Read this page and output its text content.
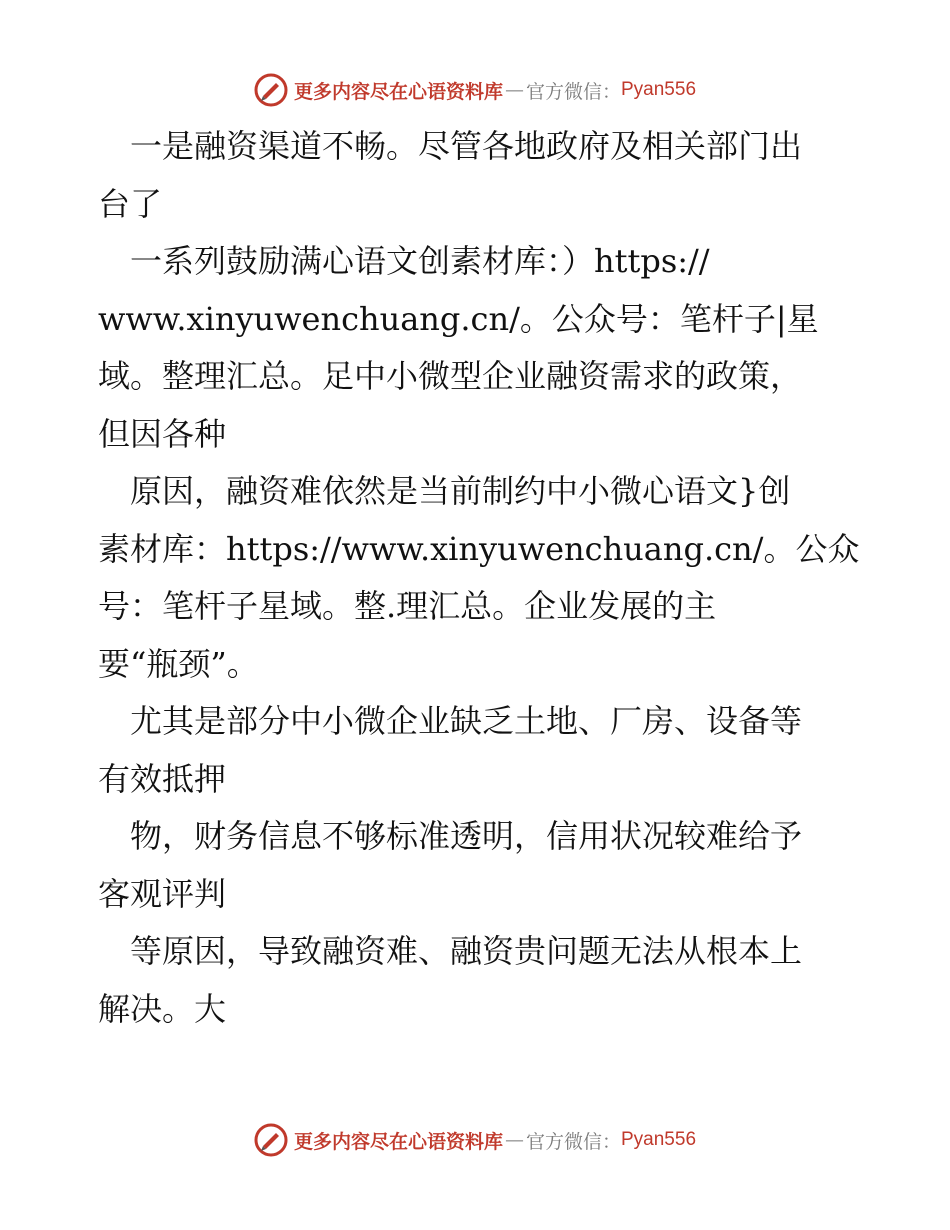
更多内容尽在心语资料库 — 官方微信： Pyan556

　一是融资渠道不畅。尽管各地政府及相关部门出

台了

　一系列鼓励满心语文创素材库：）https://

www.xinyuwenchuang.cn/。公众号：笔杆子|星

域。整理汇总。足中小微型企业融资需求的政策，

但因各种

　原因，融资难依然是当前制约中小微心语文}创

素材库：https://www.xinyuwenchuang.cn/。公众

号：笔杆子星域。整.理汇总。企业发展的主

要“瓶颈”。

　尤其是部分中小微企业缺乏土地、厂房、设备等

有效抵押

　物，财务信息不够标准透明，信用状况较难给予

客观评判

　等原因，导致融资难、融资贵问题无法从根本上

解决。大

更多内容尽在心语资料库 — 官方微信： Pyan556
